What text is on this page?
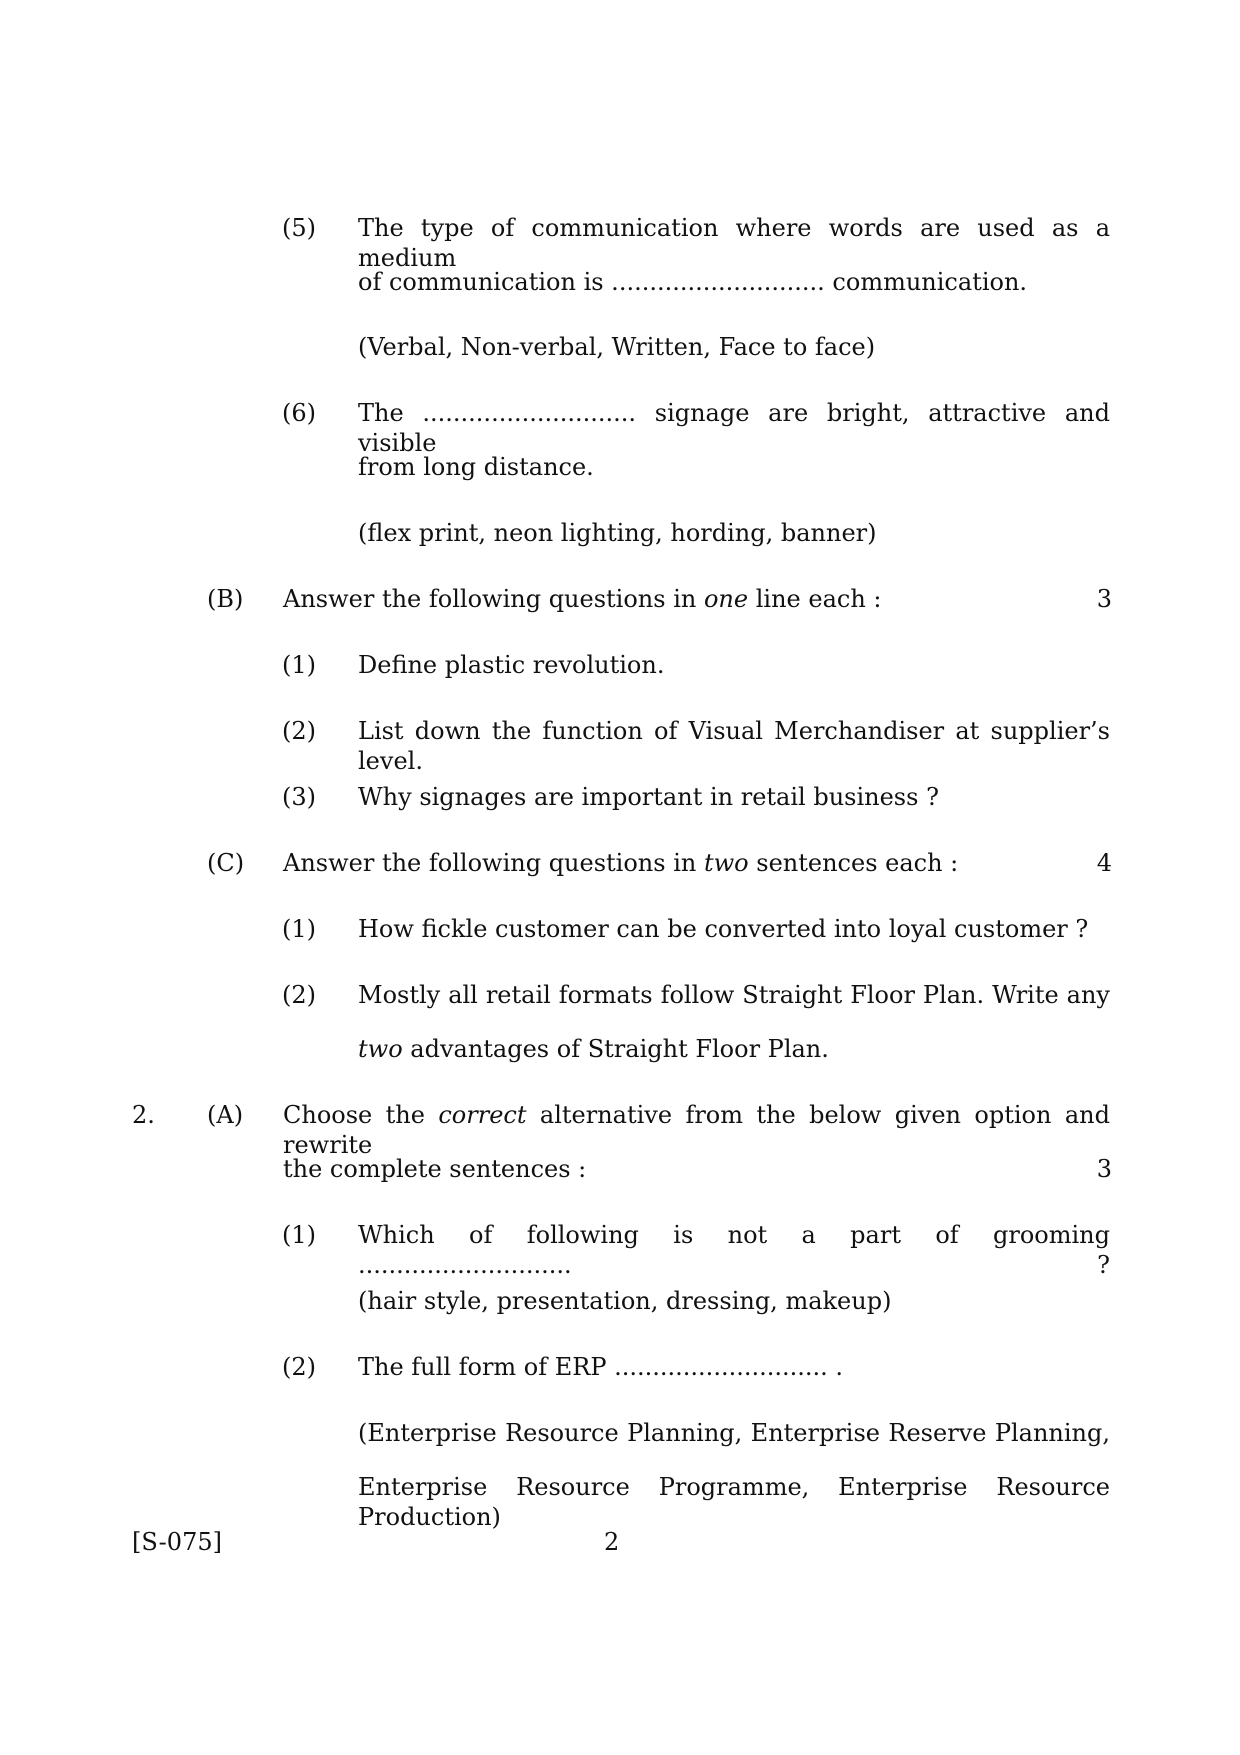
(5) The type of communication where words are used as a medium
of communication is ............................ communication.
(Verbal, Non-verbal, Written, Face to face)
(6) The ............................ signage are bright, attractive and visible
from long distance.
(flex print, neon lighting, hording, banner)
(B) Answer the following questions in one line each :	3
(1) Define plastic revolution.
(2) List down the function of Visual Merchandiser at supplier’s level.
(3) Why signages are important in retail business ?
(C) Answer the following questions in two sentences each :	4
(1) How fickle customer can be converted into loyal customer ?
(2) Mostly all retail formats follow Straight Floor Plan. Write any
two advantages of Straight Floor Plan.
2. (A) Choose the correct alternative from the below given option and rewrite
the complete sentences :	3
(1) Which of following is not a part of grooming ............................ ?
(hair style, presentation, dressing, makeup)
(2) The full form of ERP ............................ .
(Enterprise Resource Planning, Enterprise Reserve Planning,
Enterprise Resource Programme, Enterprise Resource Production)
[S-075]	2
